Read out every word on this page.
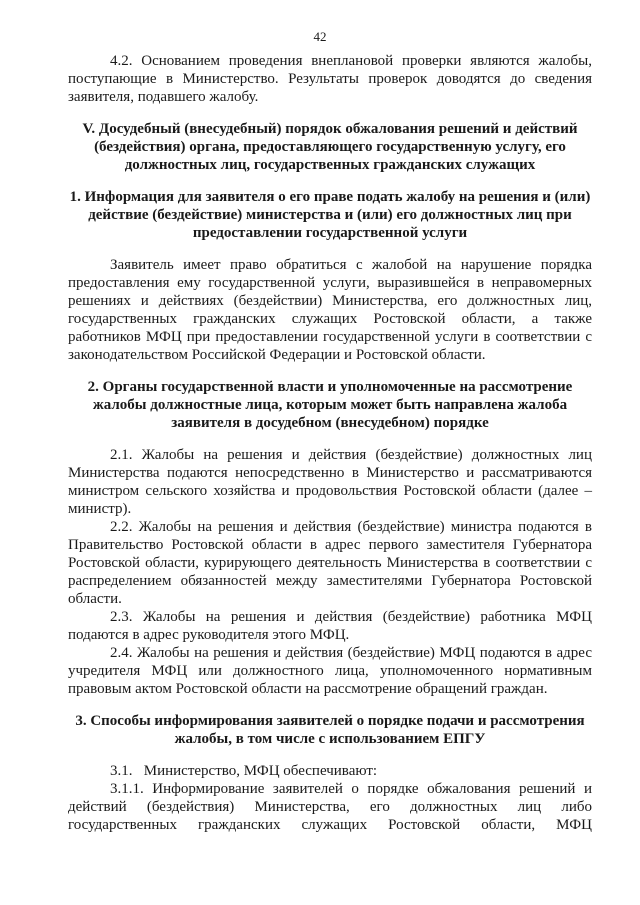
42

4.2. Основанием проведения внеплановой проверки являются жалобы, поступающие в Министерство. Результаты проверок доводятся до сведения заявителя, подавшего жалобу.

V. Досудебный (внесудебный) порядок обжалования решений и действий (бездействия) органа, предоставляющего государственную услугу, его должностных лиц, государственных гражданских служащих

1. Информация для заявителя о его праве подать жалобу на решения и (или) действие (бездействие) министерства и (или) его должностных лиц при предоставлении государственной услуги

Заявитель имеет право обратиться с жалобой на нарушение порядка предоставления ему государственной услуги, выразившейся в неправомерных решениях и действиях (бездействии) Министерства, его должностных лиц, государственных гражданских служащих Ростовской области, а также работников МФЦ при предоставлении государственной услуги в соответствии с законодательством Российской Федерации и Ростовской области.

2. Органы государственной власти и уполномоченные на рассмотрение жалобы должностные лица, которым может быть направлена жалоба заявителя в досудебном (внесудебном) порядке

2.1. Жалобы на решения и действия (бездействие) должностных лиц Министерства подаются непосредственно в Министерство и рассматриваются министром сельского хозяйства и продовольствия Ростовской области (далее – министр).

2.2. Жалобы на решения и действия (бездействие) министра подаются в Правительство Ростовской области в адрес первого заместителя Губернатора Ростовской области, курирующего деятельность Министерства в соответствии с распределением обязанностей между заместителями Губернатора Ростовской области.

2.3. Жалобы на решения и действия (бездействие) работника МФЦ подаются в адрес руководителя этого МФЦ.

2.4. Жалобы на решения и действия (бездействие) МФЦ подаются в адрес учредителя МФЦ или должностного лица, уполномоченного нормативным правовым актом Ростовской области на рассмотрение обращений граждан.

3. Способы информирования заявителей о порядке подачи и рассмотрения жалобы, в том числе с использованием ЕПГУ

3.1.   Министерство, МФЦ обеспечивают:

3.1.1. Информирование заявителей о порядке обжалования решений и действий (бездействия) Министерства, его должностных лиц либо государственных гражданских служащих Ростовской области, МФЦ
